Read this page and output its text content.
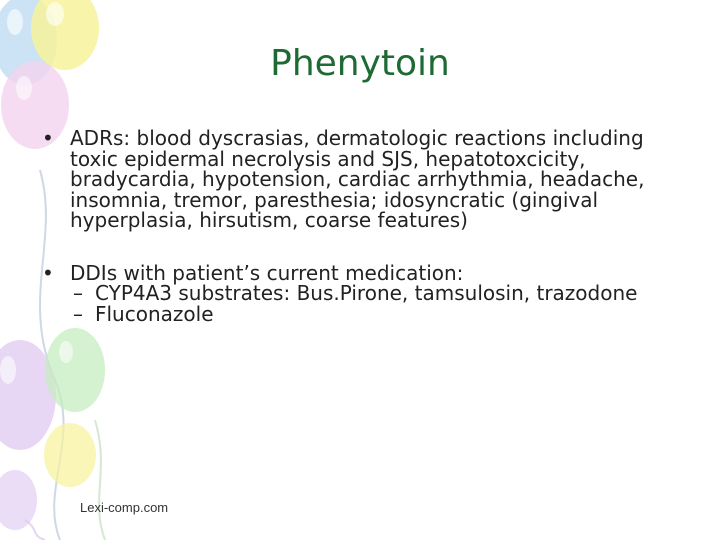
Phenytoin
• ADRs: blood dyscrasias, dermatologic reactions including toxic epidermal necrolysis and SJS, hepatotoxcicity, bradycardia, hypotension, cardiac arrhythmia, headache, insomnia, tremor, paresthesia; idosyncratic (gingival hyperplasia, hirsutism, coarse features)
• DDIs with patient’s current medication:
– CYP4A3 substrates: Bus.Pirone, tamsulosin, trazodone
– Fluconazole
Lexi-comp.com
